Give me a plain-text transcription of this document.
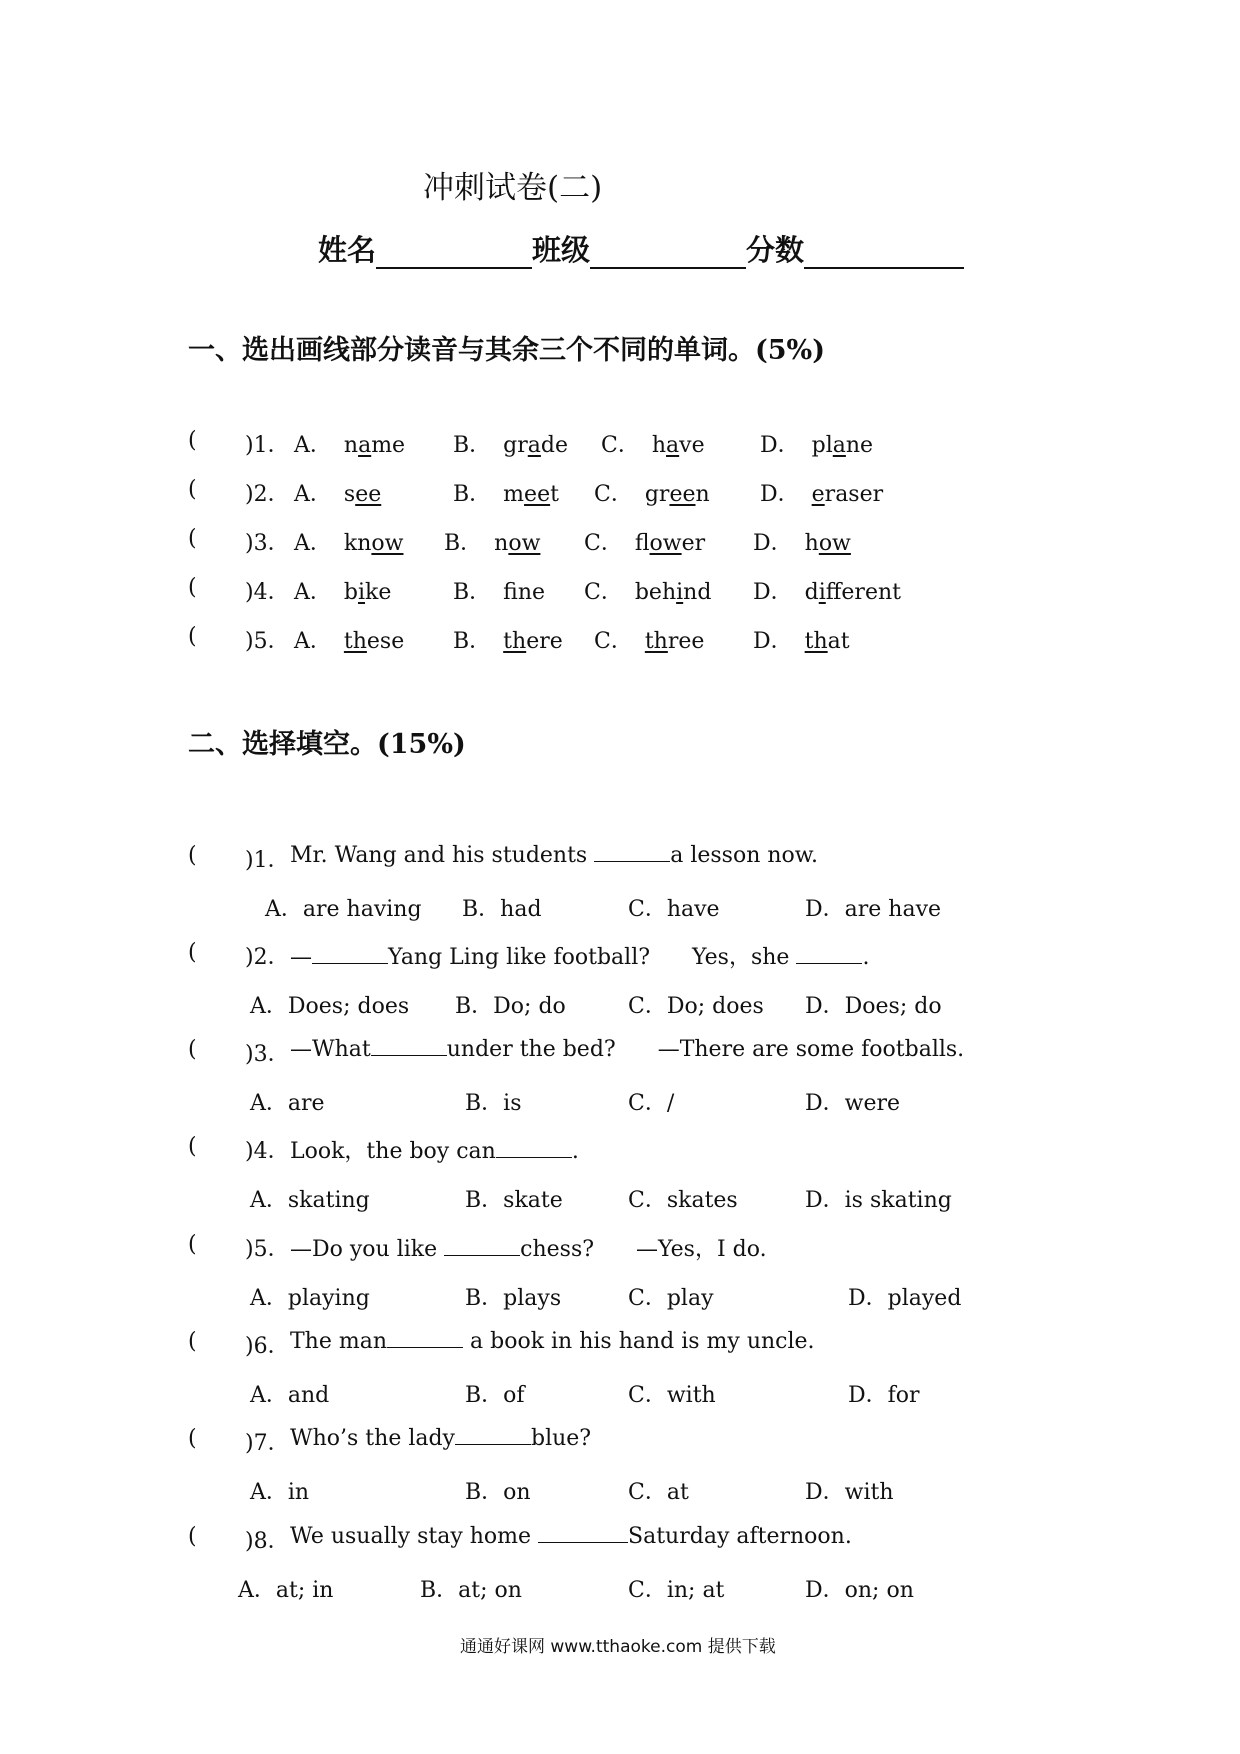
冲刺试卷(二)
姓名	班级	分数
一、选出画线部分读音与其余三个不同的单词。(5%)
( )1． A． name B． grade C． have	D． plane
( )2． A． see	B． meet C． green D． eraser
( )3． A． know B． now C． flower D． how
( )4． A． bike	B． fne C． behind D． different
( )5． A． these B． there C． three D． that
二、选择填空。(15%)
( )1． Mr. Wang and his students	a lesson now.
A．are having B．had	C．have	D．are have
( )2． —	Yang Ling like football? Yes，she	.
A．Does; does B．Do; do	C．Do; does D．Does; do
( )3． —What	under the bed? —There are some footballs.
A．are	B．is	C．/	D．were
( )4． Look，the boy can	.
A．skating	B．skate	C．skates	D．is skating
( )5． —Do you like	chess? —Yes，I do.
A．playing	B．plays	C．play	D．played
( )6． The man	a book in his hand is my uncle.
A．and	B．of	C．with	D．for
( )7． Who’s the lady	blue?
A．in	B．on	C．at	D．with
( )8． We usually stay home	Saturday afternoon.
A．at; in	B．at; on	C．in; at	D．on; on
通通好课网 www.tthaoke.com 提供下载
